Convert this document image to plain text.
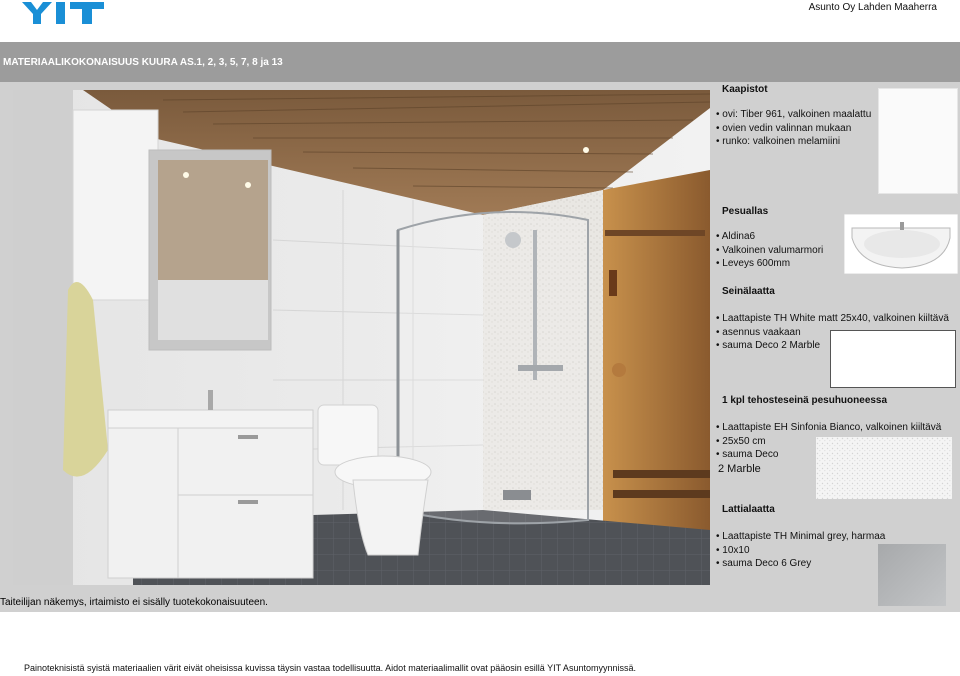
Asunto Oy Lahden Maaherra
MATERIAALIKOKONAISUUS KUURA AS.1, 2, 3, 5, 7, 8 ja 13
Taiteilijan näkemys, irtaimisto ei sisälly tuotekokonaisuuteen.
Kaapistot
• ovi: Tiber 961, valkoinen maalattu
• ovien vedin valinnan mukaan
• runko: valkoinen melamiini
Pesuallas
• Aldina6
• Valkoinen valumarmori
• Leveys 600mm
Seinälaatta
• Laattapiste TH White matt 25x40, valkoinen kiiltävä
• asennus vaakaan
• sauma Deco 2 Marble
1 kpl tehosteseinä pesuhuoneessa
• Laattapiste EH Sinfonia Bianco, valkoinen kiiltävä
• 25x50 cm
• sauma Deco
2 Marble
Lattialaatta
• Laattapiste TH Minimal grey, harmaa
• 10x10
• sauma Deco 6 Grey
Painoteknisistä syistä materiaalien värit eivät oheisissa kuvissa täysin vastaa todellisuutta. Aidot materiaalimallit ovat pääosin esillä YIT Asuntomyynnissä.
